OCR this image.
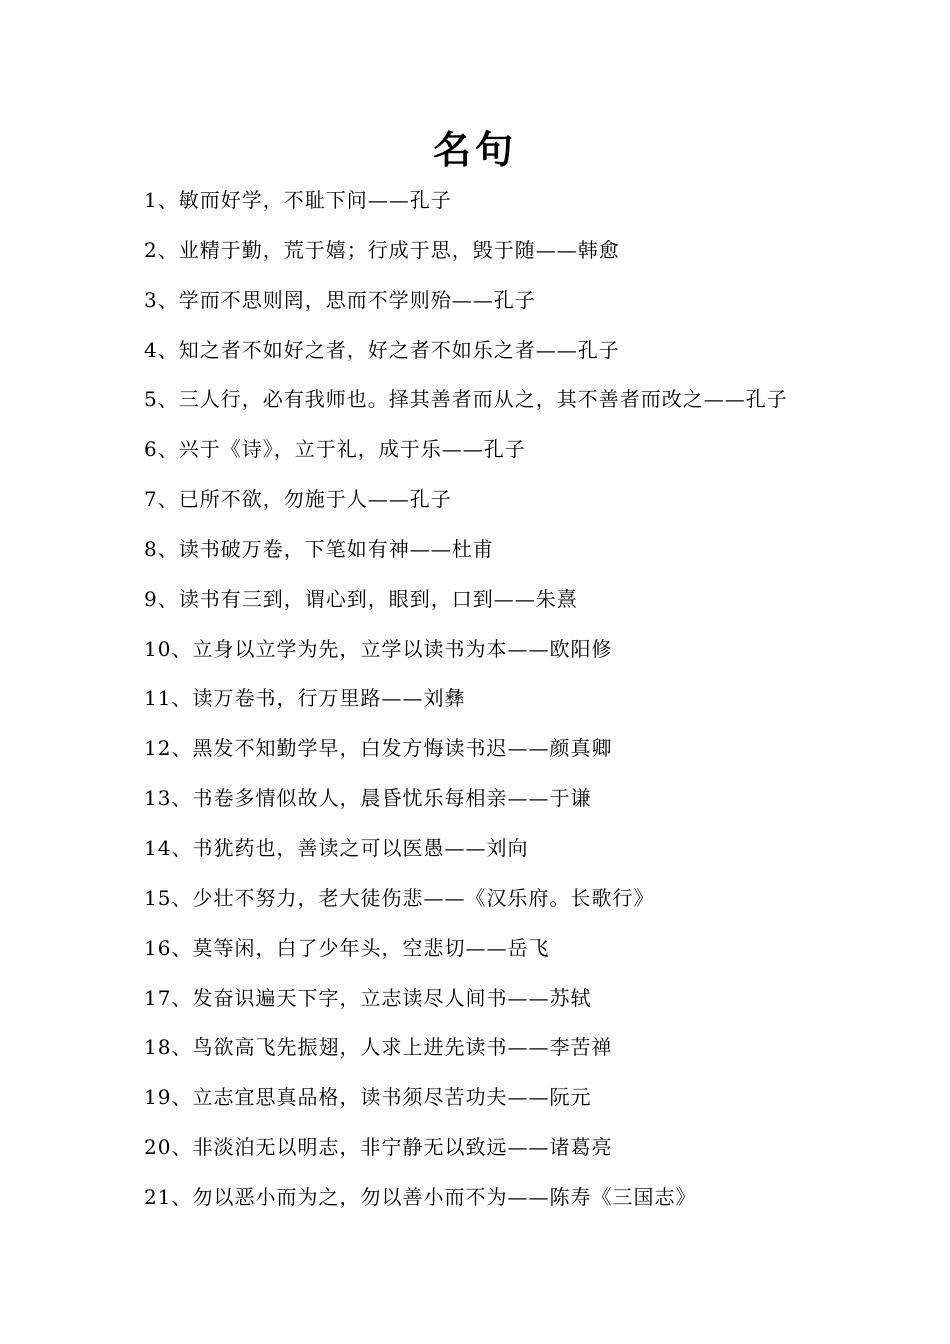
名句
1、敏而好学，不耻下问——孔子
2、业精于勤，荒于嬉；行成于思，毁于随——韩愈
3、学而不思则罔，思而不学则殆——孔子
4、知之者不如好之者，好之者不如乐之者——孔子
5、三人行，必有我师也。择其善者而从之，其不善者而改之——孔子
6、兴于《诗》，立于礼，成于乐——孔子
7、已所不欲，勿施于人——孔子
8、读书破万卷，下笔如有神——杜甫
9、读书有三到，谓心到，眼到，口到——朱熹
10、立身以立学为先，立学以读书为本——欧阳修
11、读万卷书，行万里路——刘彝
12、黑发不知勤学早，白发方悔读书迟——颜真卿
13、书卷多情似故人，晨昏忧乐每相亲——于谦
14、书犹药也，善读之可以医愚——刘向
15、少壮不努力，老大徒伤悲——《汉乐府。长歌行》
16、莫等闲，白了少年头，空悲切——岳飞
17、发奋识遍天下字，立志读尽人间书——苏轼
18、鸟欲高飞先振翅，人求上进先读书——李苦禅
19、立志宜思真品格，读书须尽苦功夫——阮元
20、非淡泊无以明志，非宁静无以致远——诸葛亮
21、勿以恶小而为之，勿以善小而不为——陈寿《三国志》
